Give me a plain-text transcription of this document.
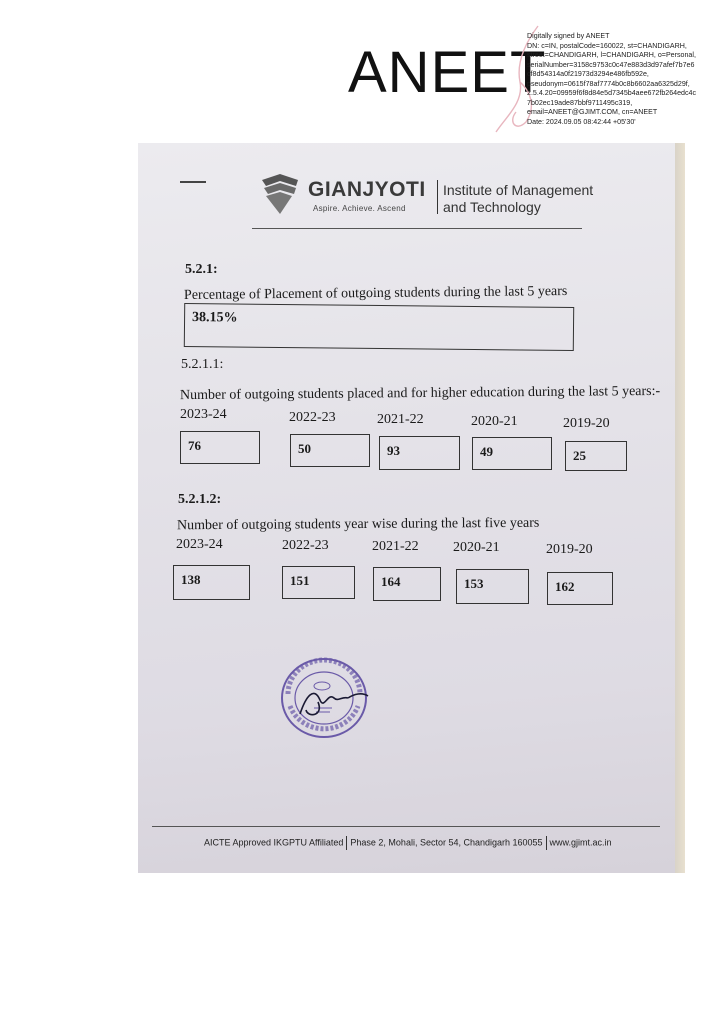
ANEET
Digitally signed by ANEET
DN: c=IN, postalCode=160022, st=CHANDIGARH,
street=CHANDIGARH, l=CHANDIGARH, o=Personal,
serialNumber=3158c9753c0c47e883d3d97afef7b7e6
cf8d54314a0f21973d3294e486fb592e,
pseudonym=0615f78af7774b0c8b6602aa6325d29f,
2.5.4.20=09959f6f8d84e5d7345b4aee672fb264edc4c
7b02ec19ade87bbf9711495c319,
email=ANEET@GJIMT.COM, cn=ANEET
Date: 2024.09.05 08:42:44 +05'30'
GIANJYOTI
Aspire. Achieve. Ascend
Institute of Management
and Technology
5.2.1:
Percentage of Placement of outgoing students during the last 5 years
38.15%
5.2.1.1:
Number of outgoing students placed and for higher education during the last 5 years:-
2023-24	2022-23	2021-22	2020-21	2019-20
76	50	93	49	25
5.2.1.2:
Number of outgoing students year wise during the last five years
2023-24	2022-23	2021-22 2020-21	2019-20
138	151	164	153	162
AICTE Approved IKGPTU Affiliated Phase 2, Mohali, Sector 54, Chandigarh 160055 www.gjimt.ac.in
